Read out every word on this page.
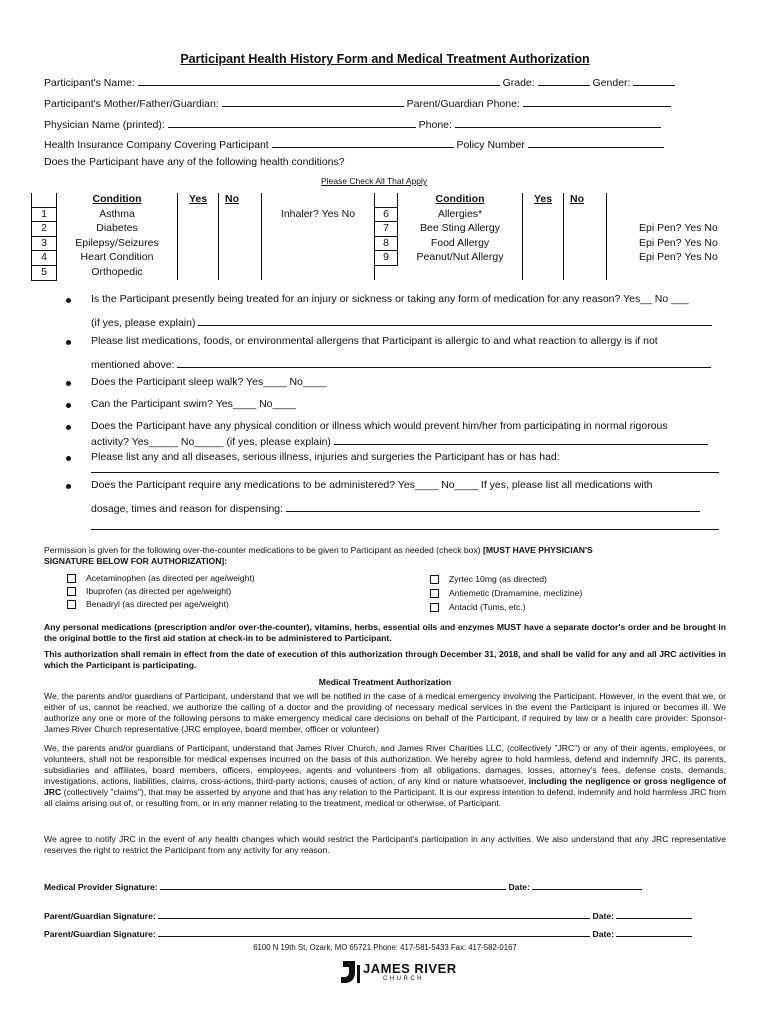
Participant Health History Form and Medical Treatment Authorization
Participant's Name:	Grade:	Gender:
Participant's Mother/Father/Guardian:	Parent/Guardian Phone:
Physician Name (printed):	Phone:
Health Insurance Company Covering Participant	Policy Number
Does the Participant have any of the following health conditions?
Please Check All That Apply
	Condition	Yes	No			Condition	Yes	No	
1	Asthma			Inhaler? Yes No	6	Allergies*			
2	Diabetes				7	Bee Sting Allergy			Epi Pen? Yes No
3	Epilepsy/Seizures				8	Food Allergy			Epi Pen? Yes No
4	Heart Condition				9	Peanut/Nut Allergy			Epi Pen? Yes No
5	Orthopedic								
Is the Participant presently being treated for an injury or sickness or taking any form of medication for any reason? Yes__ No ___
(if yes, please explain)
Please list medications, foods, or environmental allergens that Participant is allergic to and what reaction to allergy is if not
mentioned above:
Does the Participant sleep walk? Yes____ No____
Can the Participant swim? Yes____ No____
Does the Participant have any physical condition or illness which would prevent him/her from participating in normal rigorous
activity? Yes_____ No_____ (if yes, please explain)
Please list any and all diseases, serious illness, injuries and surgeries the Participant has or has had:
Does the Participant require any medications to be administered? Yes____ No____ If yes, please list all medications with
dosage, times and reason for dispensing:
Permission is given for the following over-the-counter medications to be given to Participant as needed (check box) [MUST HAVE PHYSICIAN'S
SIGNATURE BELOW FOR AUTHORIZATION]:
Acetaminophen (as directed per age/weight)
Ibuprofen (as directed per age/weight)
Benadryl (as directed per age/weight)
Zyrtec 10mg (as directed)
Antiemetic (Dramamine, meclizine)
Antacid (Tums, etc.)
Any personal medications (prescription and/or over-the-counter), vitamins, herbs, essential oils and enzymes MUST have a separate doctor's order and be brought in the original bottle to the first aid station at check-in to be administered to Participant.
This authorization shall remain in effect from the date of execution of this authorization through December 31, 2018, and shall be valid for any and all JRC activities in which the Participant is participating.
Medical Treatment Authorization
We, the parents and/or guardians of Participant, understand that we will be notified in the case of a medical emergency involving the Participant. However, in the event that we, or either of us, cannot be reached, we authorize the calling of a doctor and the providing of necessary medical services in the event the Participant is injured or becomes ill. We authorize any one or more of the following persons to make emergency medical care decisions on behalf of the Participant, if required by law or a health care provider: Sponsor-James River Church representative (JRC employee, board member, officer or volunteer)
We, the parents and/or guardians of Participant, understand that James River Church, and James River Charities LLC, (collectively "JRC") or any of their agents, employees, or volunteers, shall not be responsible for medical expenses incurred on the basis of this authorization. We hereby agree to hold harmless, defend and indemnify JRC, its parents, subsidiaries and affiliates, board members, officers, employees, agents and volunteers from all obligations, damages, losses, attorney's fees, defense costs, demands, investigations, actions, liabilities, claims, cross-actions, third-party actions, causes of action, of any kind or nature whatsoever, including the negligence or gross negligence of JRC (collectively "claims"), that may be asserted by anyone and that has any relation to the Participant. It is our express intention to defend, indemnify and hold harmless JRC from all claims arising out of, or resulting from, or in any manner relating to the treatment, medical or otherwise, of Participant.
We agree to notify JRC in the event of any health changes which would restrict the Participant's participation in any activities. We also understand that any JRC representative reserves the right to restrict the Participant from any activity for any reason.
Medical Provider Signature:	Date:
Parent/Guardian Signature:	Date:
Parent/Guardian Signature:	Date:
6100 N 19th St, Ozark, MO 65721 Phone: 417-581-5433 Fax: 417-582-0167
JAMES RIVER
CHURCH
